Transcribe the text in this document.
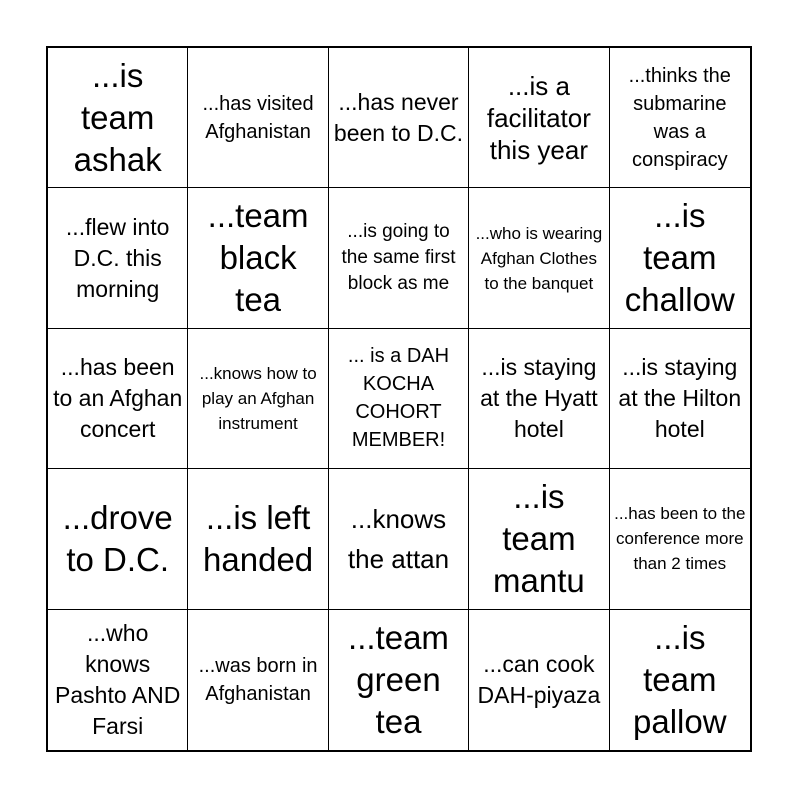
...is team ashak
...has visited Afghanistan
...has never been to D.C.
...is a facilitator this year
...thinks the submarine was a conspiracy
...flew into D.C. this morning
...team black tea
...is going to the same first block as me
...who is wearing Afghan Clothes to the banquet
...is team challow
...has been to an Afghan concert
...knows how to play an Afghan instrument
... is a DAH KOCHA COHORT MEMBER!
...is staying at the Hyatt hotel
...is staying at the Hilton hotel
...drove to D.C.
...is left handed
...knows the attan
...is team mantu
...has been to the conference more than 2 times
...who knows Pashto AND Farsi
...was born in Afghanistan
...team green tea
...can cook DAH-piyaza
...is team pallow
